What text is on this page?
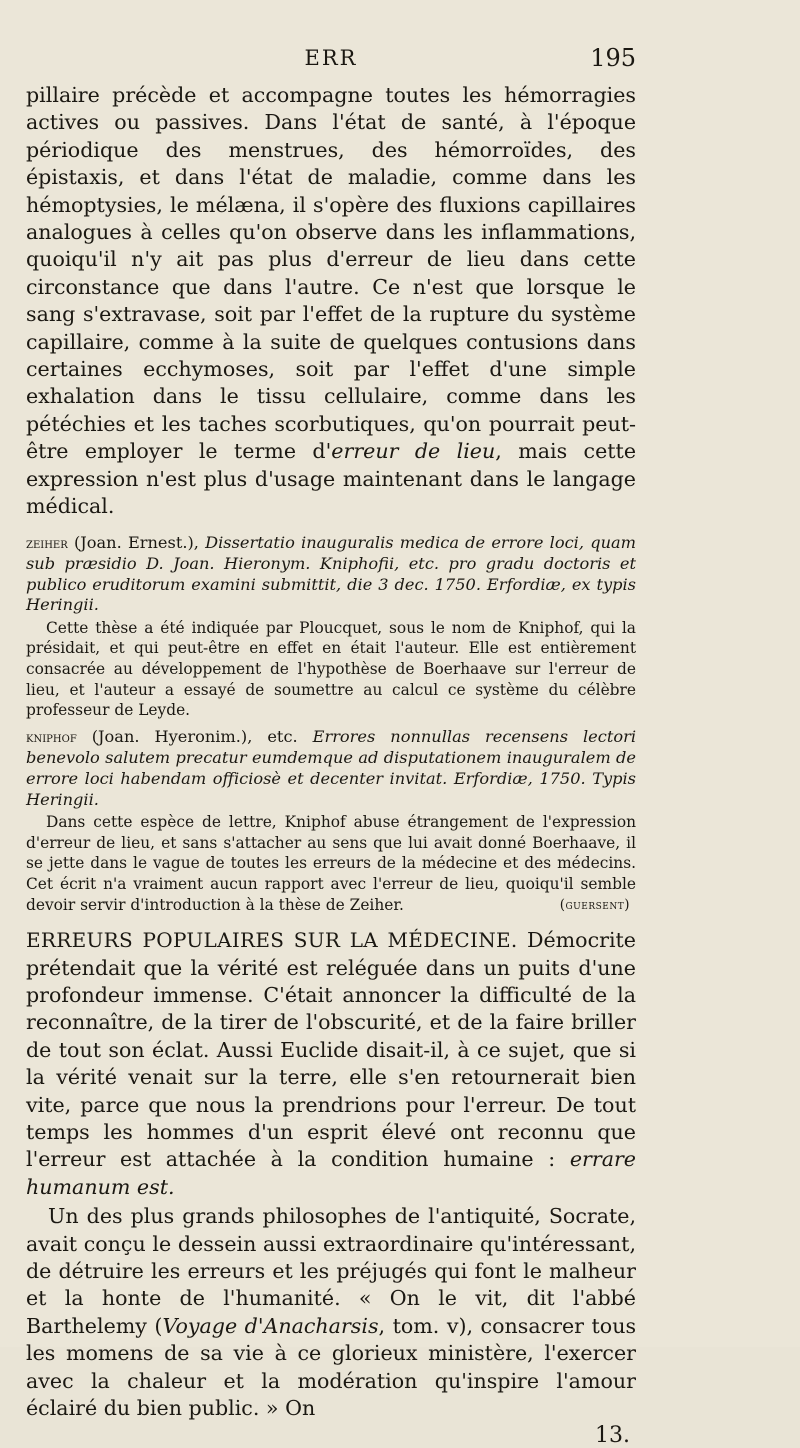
ERR	195

pillaire précède et accompagne toutes les hémorragies actives ou passives. Dans l'état de santé, à l'époque périodique des menstrues, des hémorroïdes, des épistaxis, et dans l'état de maladie, comme dans les hémoptysies, le mélæna, il s'opère des fluxions capillaires analogues à celles qu'on observe dans les inflammations, quoiqu'il n'y ait pas plus d'erreur de lieu dans cette circonstance que dans l'autre. Ce n'est que lorsque le sang s'extravase, soit par l'effet de la rupture du système capillaire, comme à la suite de quelques contusions dans certaines ecchymoses, soit par l'effet d'une simple exhalation dans le tissu cellulaire, comme dans les pétéchies et les taches scorbutiques, qu'on pourrait peut-être employer le terme d'erreur de lieu, mais cette expression n'est plus d'usage maintenant dans le langage médical.

zeiher (Joan. Ernest.), Dissertatio inauguralis medica de errore loci, quam sub præsidio D. Joan. Hieronym. Kniphofii, etc. pro gradu doctoris et publico eruditorum examini submittit, die 3 dec. 1750. Erfordiæ, ex typis Heringii.

Cette thèse a été indiquée par Ploucquet, sous le nom de Kniphof, qui la présidait, et qui peut-être en effet en était l'auteur. Elle est entièrement consacrée au développement de l'hypothèse de Boerhaave sur l'erreur de lieu, et l'auteur a essayé de soumettre au calcul ce système du célèbre professeur de Leyde.

kniphof (Joan. Hyeronim.), etc. Errores nonnullas recensens lectori benevolo salutem precatur eumdemque ad disputationem inauguralem de errore loci habendam officiosè et decenter invitat. Erfordiæ, 1750. Typis Heringii.

Dans cette espèce de lettre, Kniphof abuse étrangement de l'expression d'erreur de lieu, et sans s'attacher au sens que lui avait donné Boerhaave, il se jette dans le vague de toutes les erreurs de la médecine et des médecins. Cet écrit n'a vraiment aucun rapport avec l'erreur de lieu, quoiqu'il semble devoir servir d'introduction à la thèse de Zeiher.	(guersent)

ERREURS POPULAIRES SUR LA MÉDECINE. Démocrite prétendait que la vérité est reléguée dans un puits d'une profondeur immense. C'était annoncer la difficulté de la reconnaître, de la tirer de l'obscurité, et de la faire briller de tout son éclat. Aussi Euclide disait-il, à ce sujet, que si la vérité venait sur la terre, elle s'en retournerait bien vite, parce que nous la prendrions pour l'erreur. De tout temps les hommes d'un esprit élevé ont reconnu que l'erreur est attachée à la condition humaine : errare humanum est.

Un des plus grands philosophes de l'antiquité, Socrate, avait conçu le dessein aussi extraordinaire qu'intéressant, de détruire les erreurs et les préjugés qui font le malheur et la honte de l'humanité. « On le vit, dit l'abbé Barthelemy (Voyage d'Anacharsis, tom. v), consacrer tous les momens de sa vie à ce glorieux ministère, l'exercer avec la chaleur et la modération qu'inspire l'amour éclairé du bien public. » On

13.
